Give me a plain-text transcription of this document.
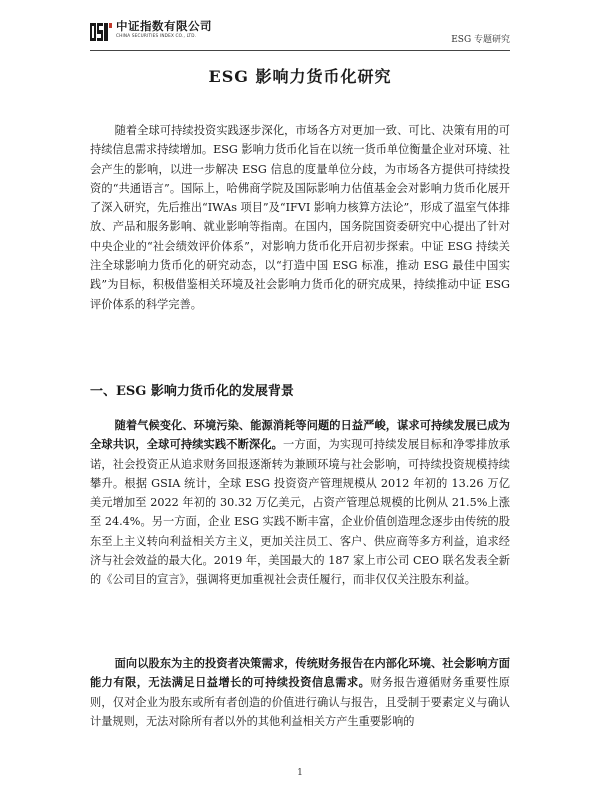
中证指数有限公司
CHINA SECURITIES INDEX CO., LTD.	ESG 专题研究
ESG 影响力货币化研究

随着全球可持续投资实践逐步深化，市场各方对更加一致、可比、决策有用的可持续信息需求持续增加。ESG 影响力货币化旨在以统一货币单位衡量企业对环境、社会产生的影响，以进一步解决 ESG 信息的度量单位分歧，为市场各方提供可持续投资的“共通语言”。国际上，哈佛商学院及国际影响力估值基金会对影响力货币化展开了深入研究，先后推出“IWAs 项目”及“IFVI 影响力核算方法论”，形成了温室气体排放、产品和服务影响、就业影响等指南。在国内，国务院国资委研究中心提出了针对中央企业的“社会绩效评价体系”，对影响力货币化开启初步探索。中证 ESG 持续关注全球影响力货币化的研究动态，以“打造中国 ESG 标准，推动 ESG 最佳中国实践”为目标，积极借鉴相关环境及社会影响力货币化的研究成果，持续推动中证 ESG 评价体系的科学完善。

一、ESG 影响力货币化的发展背景

随着气候变化、环境污染、能源消耗等问题的日益严峻，谋求可持续发展已成为全球共识，全球可持续实践不断深化。一方面，为实现可持续发展目标和净零排放承诺，社会投资正从追求财务回报逐渐转为兼顾环境与社会影响，可持续投资规模持续攀升。根据 GSIA 统计，全球 ESG 投资资产管理规模从 2012 年初的 13.26 万亿美元增加至 2022 年初的 30.32 万亿美元，占资产管理总规模的比例从 21.5%上涨至 24.4%。另一方面，企业 ESG 实践不断丰富，企业价值创造理念逐步由传统的股东至上主义转向利益相关方主义，更加关注员工、客户、供应商等多方利益，追求经济与社会效益的最大化。2019 年，美国最大的 187 家上市公司 CEO 联名发表全新的《公司目的宣言》，强调将更加重视社会责任履行，而非仅仅关注股东利益。

面向以股东为主的投资者决策需求，传统财务报告在内部化环境、社会影响方面能力有限，无法满足日益增长的可持续投资信息需求。财务报告遵循财务重要性原则，仅对企业为股东或所有者创造的价值进行确认与报告，且受制于要素定义与确认计量规则，无法对除所有者以外的其他利益相关方产生重要影响的

1
